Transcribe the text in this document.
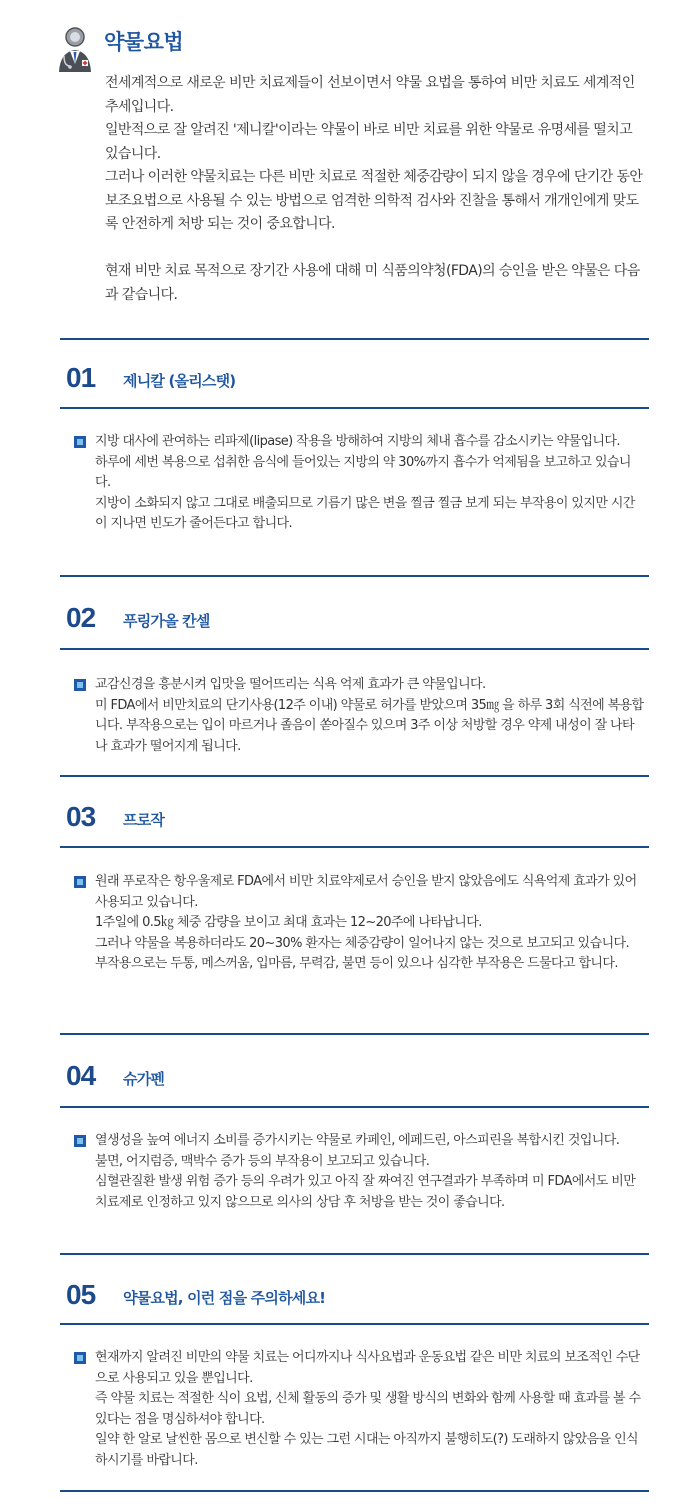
약물요법

전세계적으로 새로운 비만 치료제들이 선보이면서 약물 요법을 통하여 비만 치료도 세계적인 추세입니다.

일반적으로 잘 알려진 '제니칼'이라는 약물이 바로 비만 치료를 위한 약물로 유명세를 떨치고 있습니다.

그러나 이러한 약물치료는 다른 비만 치료로 적절한 체중감량이 되지 않을 경우에 단기간 동안 보조요법으로 사용될 수 있는 방법으로 엄격한 의학적 검사와 진찰을 통해서 개개인에게 맞도록 안전하게 처방 되는 것이 중요합니다.

현재 비만 치료 목적으로 장기간 사용에 대해 미 식품의약청(FDA)의 승인을 받은 약물은 다음과 같습니다.

01 제니칼 (올리스탯)

지방 대사에 관여하는 리파제(lipase) 작용을 방해하여 지방의 체내 흡수를 감소시키는 약물입니다.

하루에 세번 복용으로 섭취한 음식에 들어있는 지방의 약 30%까지 흡수가 억제됨을 보고하고 있습니다.

지방이 소화되지 않고 그대로 배출되므로 기름기 많은 변을 찔금 찔금 보게 되는 부작용이 있지만 시간이 지나면 빈도가 줄어든다고 합니다.

02 푸링가올 칸셀

교감신경을 흥분시켜 입맛을 떨어뜨리는 식욕 억제 효과가 큰 약물입니다.

미 FDA에서 비만치료의 단기사용(12주 이내) 약물로 허가를 받았으며 35㎎ 을 하루 3회 식전에 복용합니다. 부작용으로는 입이 마르거나 졸음이 쏟아질수 있으며 3주 이상 처방할 경우 약제 내성이 잘 나타나 효과가 떨어지게 됩니다.

03 프로작

원래 푸로작은 항우울제로 FDA에서 비만 치료약제로서 승인을 받지 않았음에도 식욕억제 효과가 있어 사용되고 있습니다.

1주일에 0.5㎏ 체중 감량을 보이고 최대 효과는 12~20주에 나타납니다.

그러나 약물을 복용하더라도 20~30% 환자는 체중감량이 일어나지 않는 것으로 보고되고 있습니다.

부작용으로는 두통, 메스꺼움, 입마름, 무력감, 불면 등이 있으나 심각한 부작용은 드물다고 합니다.

04 슈가펜

열생성을 높여 에너지 소비를 증가시키는 약물로 카페인, 에페드린, 아스피린을 복합시킨 것입니다.

불면, 어지럼증, 맥박수 증가 등의 부작용이 보고되고 있습니다.

심혈관질환 발생 위험 증가 등의 우려가 있고 아직 잘 짜여진 연구결과가 부족하며 미 FDA에서도 비만치료제로 인정하고 있지 않으므로 의사의 상담 후 처방을 받는 것이 좋습니다.

05 약물요법, 이런 점을 주의하세요!

현재까지 알려진 비만의 약물 치료는 어디까지나 식사요법과 운동요법 같은 비만 치료의 보조적인 수단으로 사용되고 있을 뿐입니다.

즉 약물 치료는 적절한 식이 요법, 신체 활동의 증가 및 생활 방식의 변화와 함께 사용할 때 효과를 볼 수 있다는 점을 명심하셔야 합니다.

일약 한 알로 날씬한 몸으로 변신할 수 있는 그런 시대는 아직까지 불행히도(?) 도래하지 않았음을 인식하시기를 바랍니다.
